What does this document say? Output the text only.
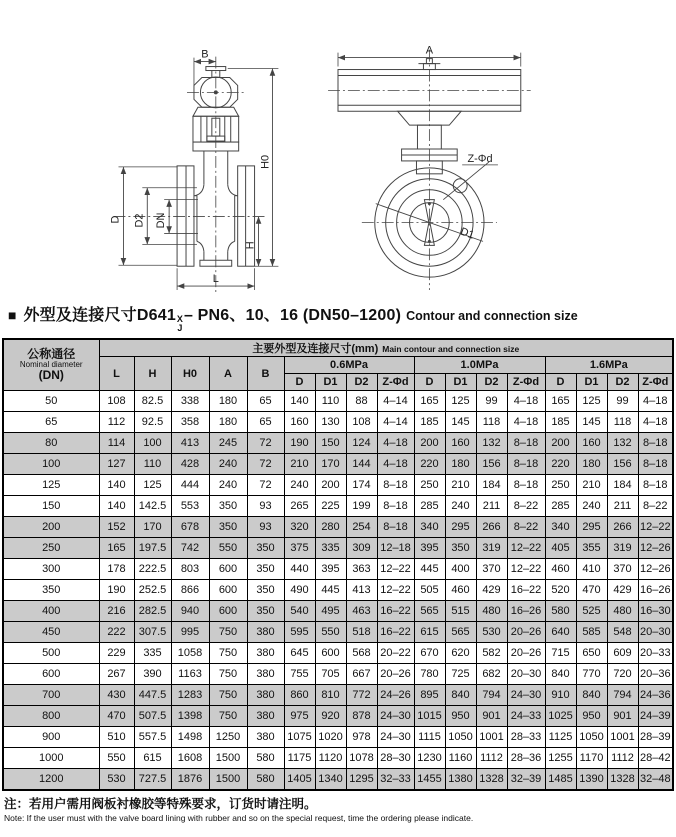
B
H0
H
D D2 DN
L
A
Z-Φd
D1
■ 外型及连接尺寸D641 X
J
– PN6、10、16 (DN50–1200) Contour and connection size
公称通径
Nominal diameter
(DN)	主要外型及连接尺寸(mm) Main contour and connection size																
	L	H	H0	A	B	0.6MPa				1.0MPa				1.6MPa			
						D	D1	D2	Z-Φd	D	D1	D2	Z-Φd	D	D1	D2	Z-Φd
50	108	82.5	338	180	65	140	110	88	4–14	165	125	99	4–18	165	125	99	4–18
65	112	92.5	358	180	65	160	130	108	4–14	185	145	118	4–18	185	145	118	4–18
80	114	100	413	245	72	190	150	124	4–18	200	160	132	8–18	200	160	132	8–18
100	127	110	428	240	72	210	170	144	4–18	220	180	156	8–18	220	180	156	8–18
125	140	125	444	240	72	240	200	174	8–18	250	210	184	8–18	250	210	184	8–18
150	140	142.5	553	350	93	265	225	199	8–18	285	240	211	8–22	285	240	211	8–22
200	152	170	678	350	93	320	280	254	8–18	340	295	266	8–22	340	295	266	12–22
250	165	197.5	742	550	350	375	335	309	12–18	395	350	319	12–22	405	355	319	12–26
300	178	222.5	803	600	350	440	395	363	12–22	445	400	370	12–22	460	410	370	12–26
350	190	252.5	866	600	350	490	445	413	12–22	505	460	429	16–22	520	470	429	16–26
400	216	282.5	940	600	350	540	495	463	16–22	565	515	480	16–26	580	525	480	16–30
450	222	307.5	995	750	380	595	550	518	16–22	615	565	530	20–26	640	585	548	20–30
500	229	335	1058	750	380	645	600	568	20–22	670	620	582	20–26	715	650	609	20–33
600	267	390	1163	750	380	755	705	667	20–26	780	725	682	20–30	840	770	720	20–36
700	430	447.5	1283	750	380	860	810	772	24–26	895	840	794	24–30	910	840	794	24–36
800	470	507.5	1398	750	380	975	920	878	24–30	1015	950	901	24–33	1025	950	901	24–39
900	510	557.5	1498	1250	380	1075	1020	978	24–30	1115	1050	1001	28–33	1125	1050	1001	28–39
1000	550	615	1608	1500	580	1175	1120	1078	28–30	1230	1160	1112	28–36	1255	1170	1112	28–42
1200	530	727.5	1876	1500	580	1405	1340	1295	32–33	1455	1380	1328	32–39	1485	1390	1328	32–48
注：若用户需用阀板衬橡胶等特殊要求，订货时请注明。
Note: If the user must with the valve board lining with rubber and so on the special request, time the ordering please indicate.
